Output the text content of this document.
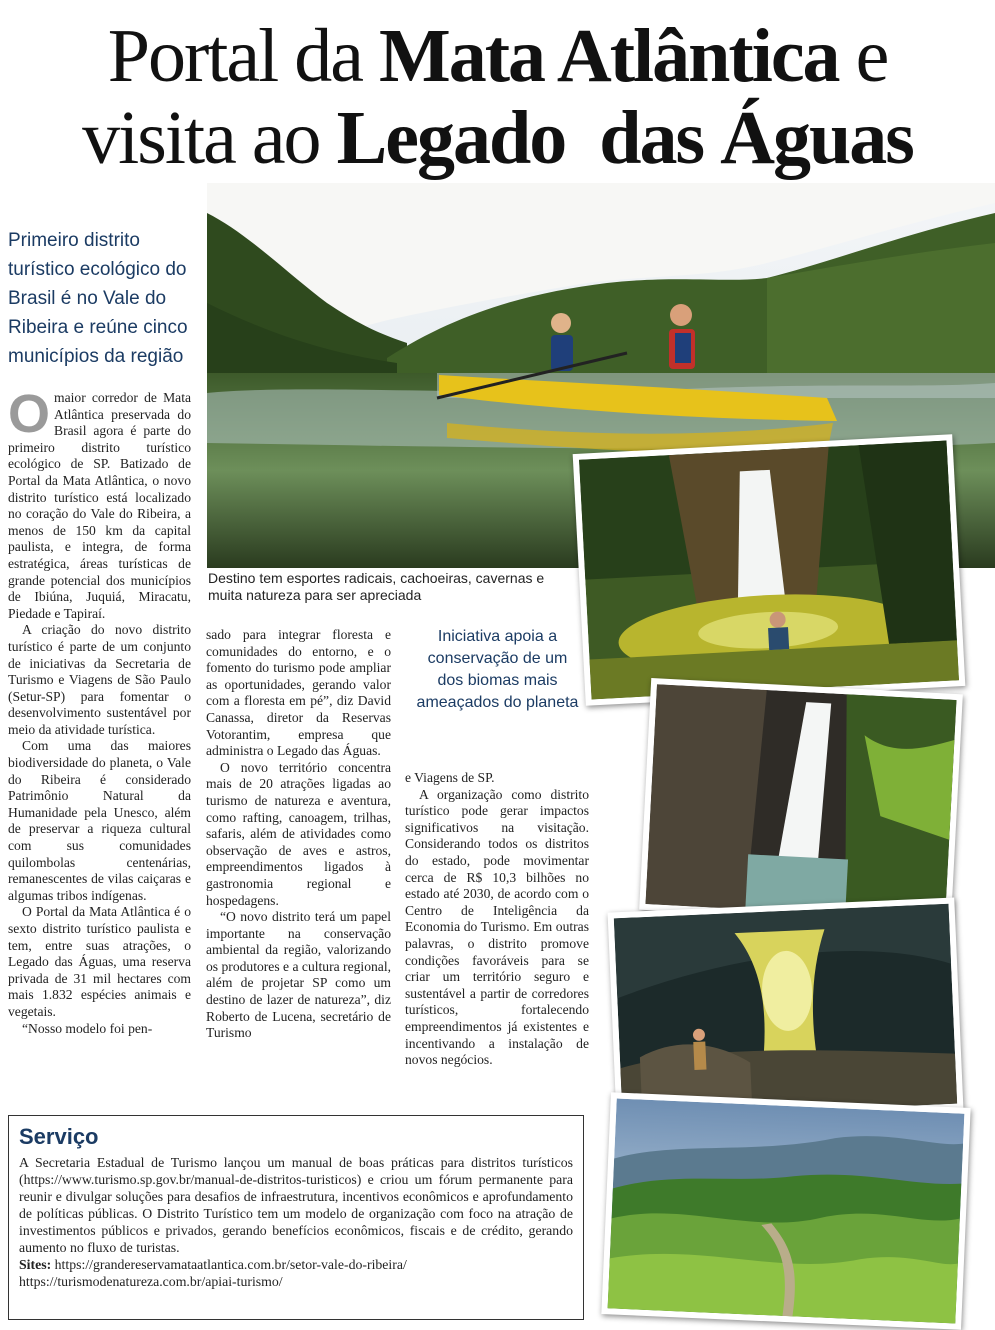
Portal da Mata Atlântica e
visita ao Legado  das Águas

Primeiro distrito turístico ecológico do Brasil é no Vale do Ribeira e reúne cinco municípios da região

Destino tem esportes radicais, cachoeiras, cavernas e muita natureza para ser apreciada

Iniciativa apoia a conservação de um dos biomas mais ameaçados do planeta

Omaior corredor de Mata Atlântica preservada do Brasil agora é parte do primeiro distrito turístico ecológico de SP. Batizado de Portal da Mata Atlântica, o novo distrito turístico está localizado no coração do Vale do Ribeira, a menos de 150 km da capital paulista, e integra, de forma estratégica, áreas turísticas de grande potencial dos municípios de Ibiúna, Juquiá, Miracatu, Piedade e Tapiraí.

A criação do novo distrito turístico é parte de um conjunto de iniciativas da Secretaria de Turismo e Viagens de São Paulo (Setur-SP) para fomentar o desenvolvimento sustentável por meio da atividade turística.

Com uma das maiores biodiversidade do planeta, o Vale do Ribeira é considerado Patrimônio Natural da Humanidade pela Unesco, além de preservar a riqueza cultural com sus comunidades quilombolas centenárias, remanescentes de vilas caiçaras e algumas tribos indígenas.

O Portal da Mata Atlântica é o sexto distrito turístico paulista e tem, entre suas atrações, o Legado das Águas, uma reserva privada de 31 mil hectares com mais 1.832 espécies animais e vegetais.

“Nosso modelo foi pen-

sado para integrar floresta e comunidades do entorno, e o fomento do turismo pode ampliar as oportunidades, gerando valor com a floresta em pé”, diz David Canassa, diretor da Reservas Votorantim, empresa que administra o Legado das Águas.

O novo território concentra mais de 20 atrações ligadas ao turismo de natureza e aventura, como rafting, canoagem, trilhas, safaris, além de atividades como observação de aves e astros, empreendimentos ligados à gastronomia regional e hospedagens.

“O novo distrito terá um papel importante na conservação ambiental da região, valorizando os produtores e a cultura regional, além de projetar SP como um destino de lazer de natureza”, diz Roberto de Lucena, secretário de Turismo

e Viagens de SP.

A organização como distrito turístico pode gerar impactos significativos na visitação. Considerando todos os distritos do estado, pode movimentar cerca de R$ 10,3 bilhões no estado até 2030, de acordo com o Centro de Inteligência da Economia do Turismo. Em outras palavras, o distrito promove condições favoráveis para se criar um território seguro e sustentável a partir de corredores turísticos, fortalecendo empreendimentos já existentes e incentivando a instalação de novos negócios.

Serviço

A Secretaria Estadual de Turismo lançou um manual de boas práticas para distritos turísticos (https://www.turismo.sp.gov.br/manual-de-distritos-turisticos) e criou um fórum permanente para reunir e divulgar soluções para desafios de infraestrutura, incentivos econômicos e aprofundamento de políticas públicas. O Distrito Turístico tem um modelo de organização com foco na atração de investimentos públicos e privados, gerando benefícios econômicos, fiscais e de crédito, gerando aumento no fluxo de turistas.

Sites: https://grandereservamataatlantica.com.br/setor-vale-do-ribeira/
https://turismodenatureza.com.br/apiai-turismo/
